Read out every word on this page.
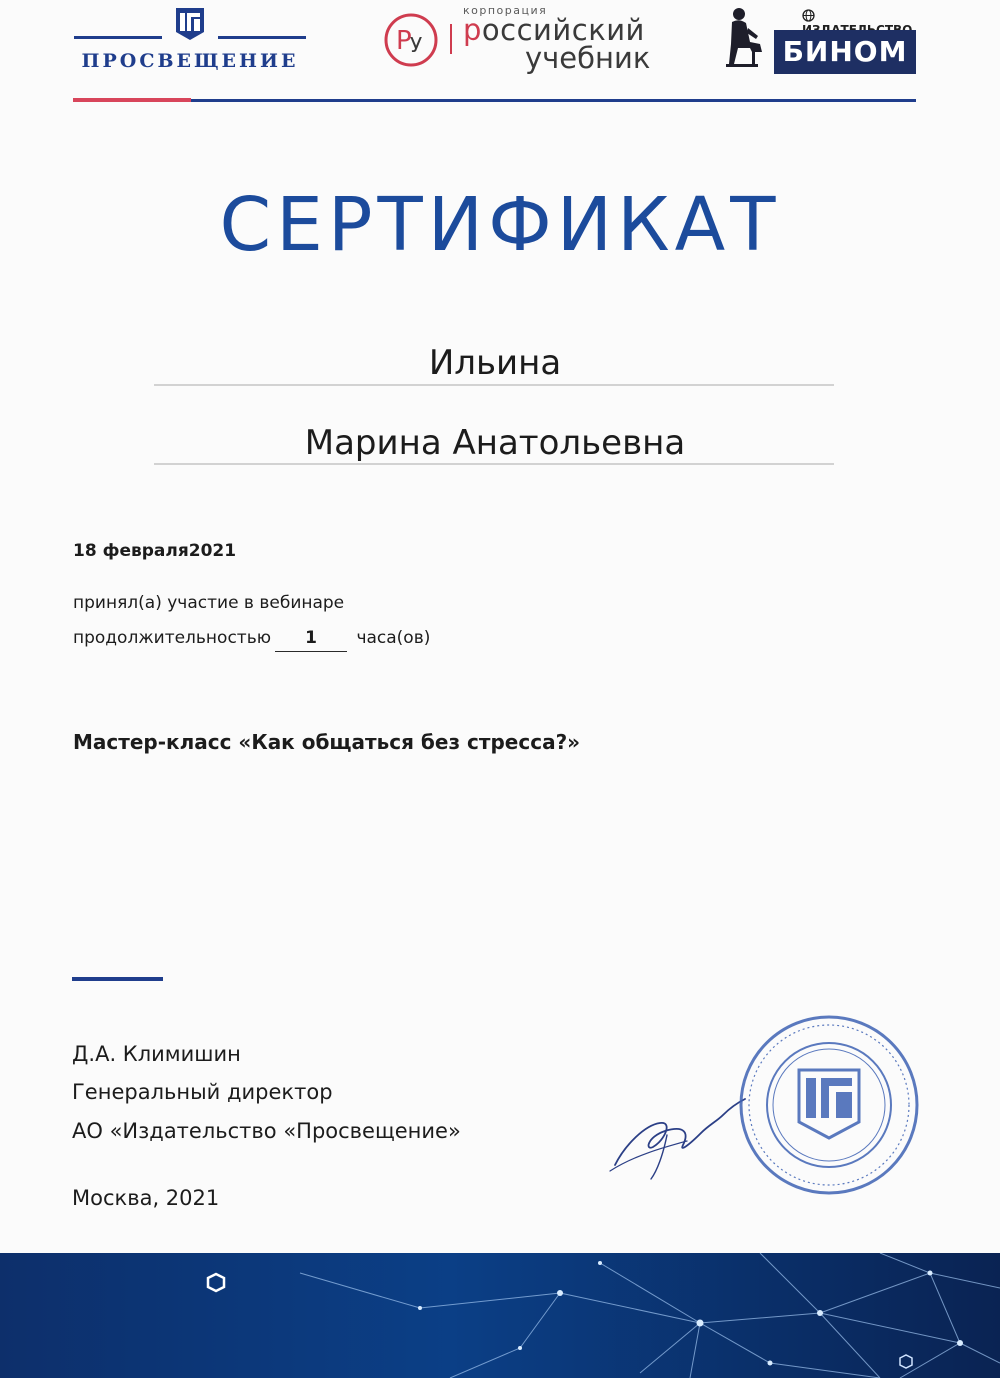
ПРОСВЕЩЕНИЕ
Р
У
корпорация
российский
учебник	БИНОМ
СЕРТИФИКАТ
Ильина
Марина Анатольевна
18 февраля2021
принял(а) участие в вебинаре
продолжительностью 1 часа(ов)
Мастер-класс «Как общаться без стресса?»
Д.А. Климишин
Генеральный директор
АО «Издательство «Просвещение»
Москва, 2021
